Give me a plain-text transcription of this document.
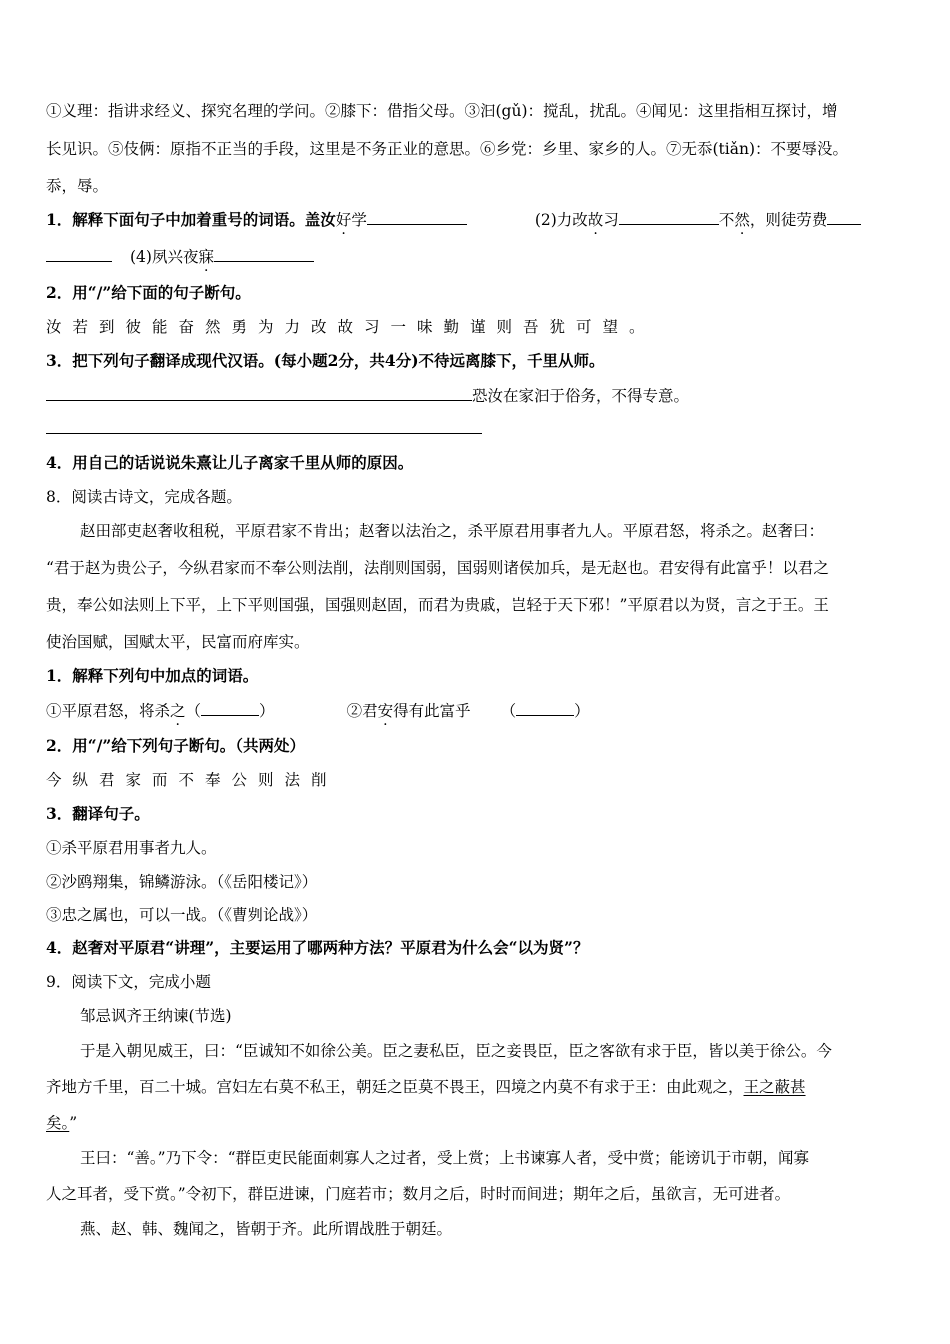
①义理：指讲求经义、探究名理的学问。②膝下：借指父母。③汩(gǔ)：搅乱，扰乱。④闻见：这里指相互探讨，增
长见识。⑤伎俩：原指不正当的手段，这里是不务正业的意思。⑥乡党：乡里、家乡的人。⑦无忝(tiǎn)：不要辱没。
忝，辱。
1．解释下面句子中加着重号的词语。盖汝好学	(2)力改故习	不然，则徒劳费
(4)夙兴夜寐
2．用“/”给下面的句子断句。
汝若到彼能奋然勇为力改故习一味勤谨则吾犹可望。
3．把下列句子翻译成现代汉语。(每小题2分，共4分)不待远离膝下，千里从师。
恐汝在家汩于俗务，不得专意。
4．用自己的话说说朱熹让儿子离家千里从师的原因。
8．阅读古诗文，完成各题。
赵田部吏赵奢收租税，平原君家不肯出；赵奢以法治之，杀平原君用事者九人。平原君怒，将杀之。赵奢曰：
“君于赵为贵公子，今纵君家而不奉公则法削，法削则国弱，国弱则诸侯加兵，是无赵也。君安得有此富乎！以君之
贵，奉公如法则上下平，上下平则国强，国强则赵固，而君为贵戚，岂轻于天下邪！”平原君以为贤，言之于王。王
使治国赋，国赋太平，民富而府库实。
1．解释下列句中加点的词语。
①平原君怒，将杀之（	）	②君安得有此富乎 （	）
2．用“/”给下列句子断句。（共两处）
今纵君家而不奉公则法削
3．翻译句子。
①杀平原君用事者九人。
②沙鸥翔集，锦鳞游泳。（《岳阳楼记》）
③忠之属也，可以一战。（《曹刿论战》）
4．赵奢对平原君“讲理”，主要运用了哪两种方法？平原君为什么会“以为贤”？
9．阅读下文，完成小题
邹忌讽齐王纳谏(节选)
于是入朝见威王，曰：“臣诚知不如徐公美。臣之妻私臣，臣之妾畏臣，臣之客欲有求于臣，皆以美于徐公。今
齐地方千里，百二十城。宫妇左右莫不私王，朝廷之臣莫不畏王，四境之内莫不有求于王：由此观之，王之蔽甚
矣。”
王曰：“善。”乃下令：“群臣吏民能面刺寡人之过者，受上赏；上书谏寡人者，受中赏；能谤讥于市朝，闻寡
人之耳者，受下赏。”令初下，群臣进谏，门庭若市；数月之后，时时而间进；期年之后，虽欲言，无可进者。
燕、赵、韩、魏闻之，皆朝于齐。此所谓战胜于朝廷。
